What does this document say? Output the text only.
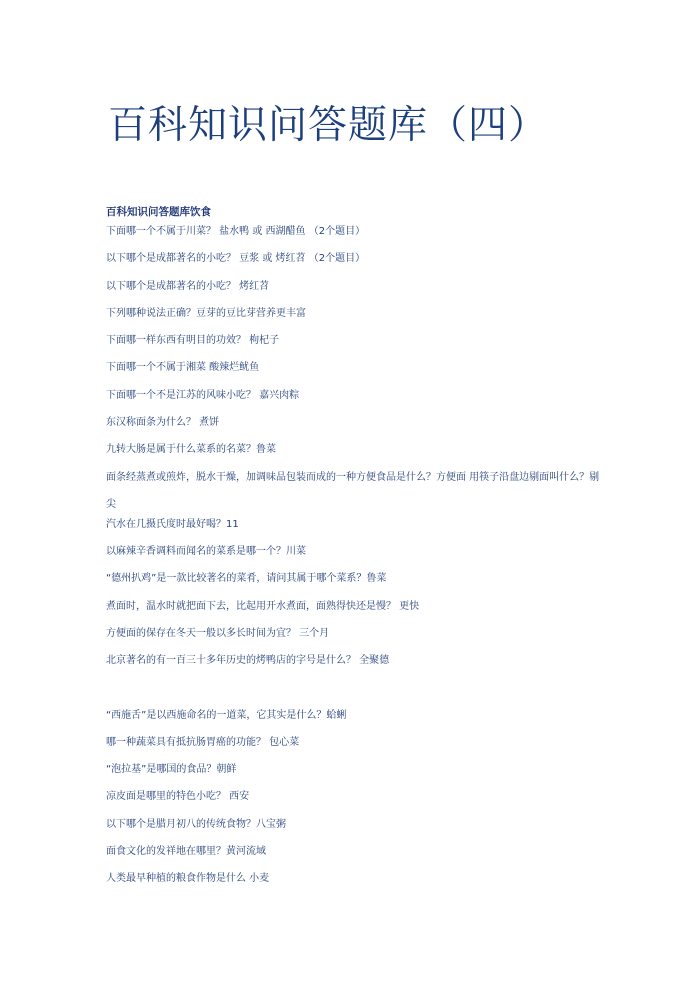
百科知识问答题库（四）
百科知识问答题库饮食
下面哪一个不属于川菜？ 盐水鸭 或 西湖醋鱼 （2个题目）
以下哪个是成都著名的小吃？ 豆浆 或 烤红苕 （2个题目）
以下哪个是成都著名的小吃？ 烤红苕
下列哪种说法正确？豆芽的豆比芽营养更丰富
下面哪一样东西有明目的功效？ 枸杞子
下面哪一个不属于湘菜 酸辣烂鱿鱼
下面哪一个不是江苏的风味小吃？ 嘉兴肉粽
东汉称面条为什么？ 煮饼
九转大肠是属于什么菜系的名菜？鲁菜
面条经蒸煮或煎炸，脱水干燥，加调味品包装而成的一种方便食品是什么？方便面 用筷子沿盘边剔面叫什么？剔尖
汽水在几摄氏度时最好喝？11
以麻辣辛香调料而闻名的菜系是哪一个？川菜
“德州扒鸡”是一款比较著名的菜肴，请问其属于哪个菜系？鲁菜
煮面时，温水时就把面下去，比起用开水煮面，面熟得快还是慢？ 更快
方便面的保存在冬天一般以多长时间为宜？ 三个月
北京著名的有一百三十多年历史的烤鸭店的字号是什么？ 全聚德
“西施舌”是以西施命名的一道菜，它其实是什么？蛤蜊
哪一种蔬菜具有抵抗肠胃癌的功能？ 包心菜
“泡拉基”是哪国的食品？朝鲜
凉皮面是哪里的特色小吃？ 西安
以下哪个是腊月初八的传统食物？八宝粥
面食文化的发祥地在哪里？黄河流域
人类最早种植的粮食作物是什么 小麦
